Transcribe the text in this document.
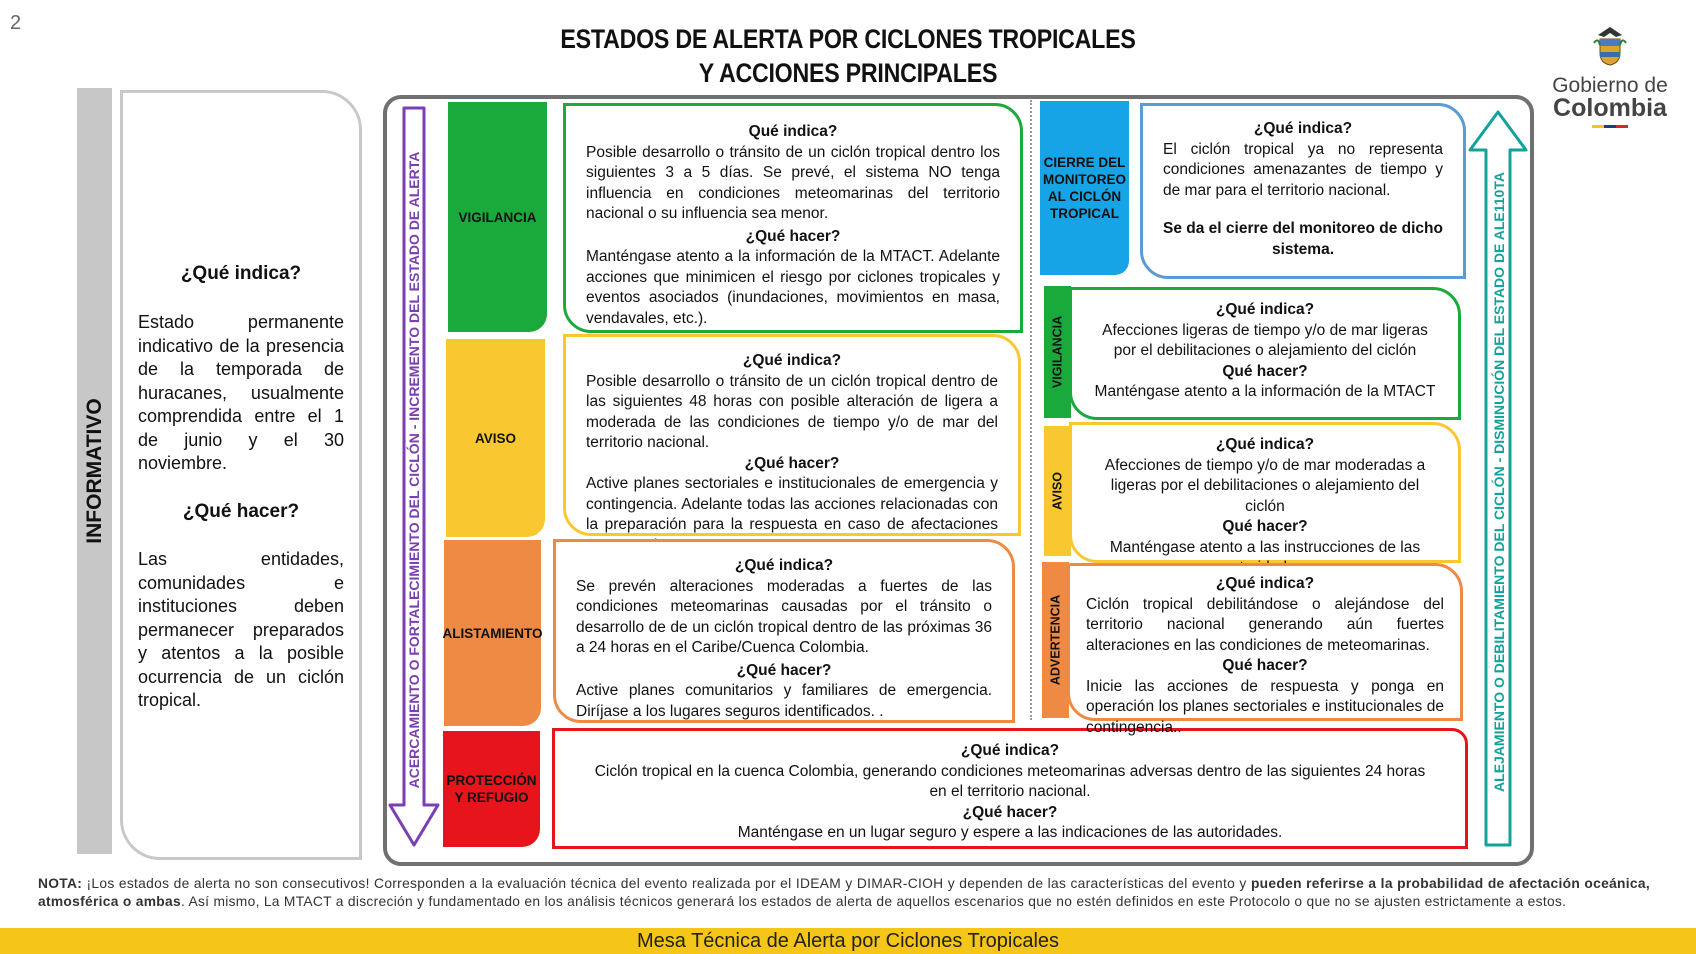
2
ESTADOS DE ALERTA POR CICLONES TROPICALES
Y ACCIONES PRINCIPALES	Gobierno de
Colombia
INFORMATIVO
¿Qué indica?
Estado permanente indicativo de la presencia de la temporada de huracanes, usualmente comprendida entre el 1 de junio y el 30 noviembre.
¿Qué hacer?
Las entidades, comunidades e instituciones deben permanecer preparados y atentos a la posible ocurrencia de un ciclón tropical.	ACERCAMIENTO O FORTALECIMIENTO DEL CICLÓN - INCREMENTO DEL ESTADO DE ALERTA	ALEJAMIENTO O DEBILITAMIENTO DEL CICLÓN - DISMINUCIÓN DEL ESTADO DE ALE110TA
VIGILANCIA
Qué indica?
Posible desarrollo o tránsito de un ciclón tropical dentro los siguientes 3 a 5 días. Se prevé, el sistema NO tenga influencia en condiciones meteomarinas del territorio nacional o su influencia sea menor.
¿Qué hacer?
Manténgase atento a la información de la MTACT. Adelante acciones que minimicen el riesgo por ciclones tropicales y eventos asociados (inundaciones, movimientos en masa, vendavales, etc.).
AVISO
¿Qué indica?
Posible desarrollo o tránsito de un ciclón tropical dentro de las siguientes 48 horas con posible alteración de ligera a moderada de las condiciones de tiempo y/o de mar del territorio nacional.
¿Qué hacer?
Active planes sectoriales e institucionales de emergencia y contingencia. Adelante todas las acciones relacionadas con la preparación para la respuesta en caso de afectaciones
ALISTAMIENTO
¿Qué indica?
Se prevén alteraciones moderadas a fuertes de las condiciones meteomarinas causadas por el tránsito o desarrollo de de un ciclón tropical dentro de las próximas 36 a 24 horas en el Caribe/Cuenca Colombia.
¿Qué hacer?
Active planes comunitarios y familiares de emergencia. Diríjase a los lugares seguros identificados. .
PROTECCIÓN Y REFUGIO
¿Qué indica?
Ciclón tropical en la cuenca Colombia, generando condiciones meteomarinas adversas dentro de las siguientes 24 horas en el territorio nacional.
¿Qué hacer?
Manténgase en un lugar seguro y espere a las indicaciones de las autoridades.
CIERRE DEL MONITOREO AL CICLÓN TROPICAL
¿Qué indica?
El ciclón tropical ya no representa condiciones amenazantes de tiempo y de mar para el territorio nacional.
Se da el cierre del monitoreo de dicho sistema.
VIGILANCIA
¿Qué indica?
Afecciones ligeras de tiempo y/o de mar ligeras por el debilitaciones o alejamiento del ciclón
Qué hacer?
Manténgase atento a la información de la MTACT
AVISO
¿Qué indica?
Afecciones de tiempo y/o de mar moderadas a ligeras por el debilitaciones o alejamiento del ciclón
Qué hacer?
Manténgase atento a las instrucciones de las
ADVERTENCIA
¿Qué indica?
Ciclón tropical debilitándose o alejándose del territorio nacional generando aún fuertes alteraciones en las condiciones de meteomarinas.
Qué hacer?
Inicie las acciones de respuesta y ponga en operación los planes sectoriales e institucionales de contingencia..
NOTA: ¡Los estados de alerta no son consecutivos! Corresponden a la evaluación técnica del evento realizada por el IDEAM y DIMAR-CIOH y dependen de las características del evento y pueden referirse a la probabilidad de afectación oceánica, atmosférica o ambas. Así mismo, La MTACT a discreción y fundamentado en los análisis técnicos generará los estados de alerta de aquellos escenarios que no estén definidos en este Protocolo o que no se ajusten estrictamente a estos.
Mesa Técnica de Alerta por Ciclones Tropicales
